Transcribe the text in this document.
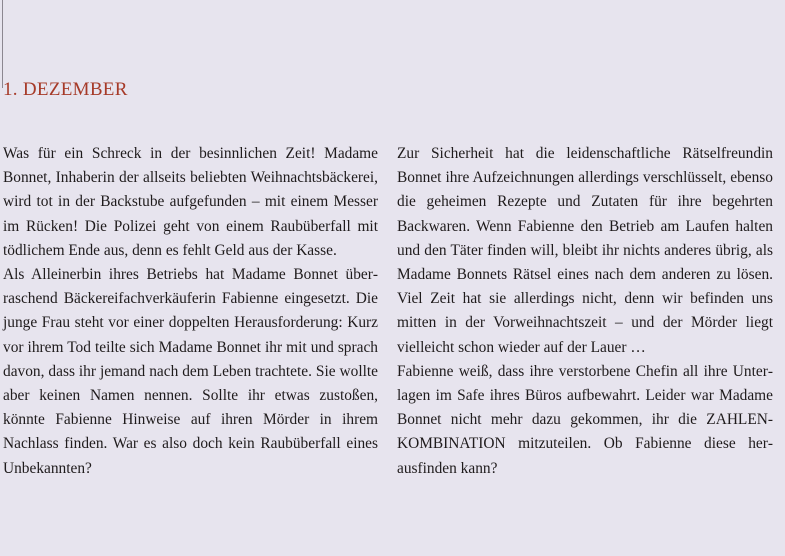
1. DEZEMBER

Was für ein Schreck in der besinnlichen Zeit! Madame Bonnet, Inhaberin der allseits beliebten Weihnachtsbäckerei, wird tot in der Backstube aufgefunden – mit einem Messer im Rücken! Die Polizei geht von einem Raubüberfall mit tödlichem Ende aus, denn es fehlt Geld aus der Kasse.

Als Alleinerbin ihres Betriebs hat Madame Bonnet überraschend Bäckereifachverkäuferin Fabienne eingesetzt. Die junge Frau steht vor einer doppelten Herausforderung: Kurz vor ihrem Tod teilte sich Madame Bonnet ihr mit und sprach davon, dass ihr jemand nach dem Leben trachtete. Sie wollte aber keinen Namen nennen. Sollte ihr etwas zustoßen, könnte Fabienne Hinweise auf ihren Mörder in ihrem Nachlass finden. War es also doch kein Raubüberfall eines Unbekannten?

Zur Sicherheit hat die leidenschaftliche Rätselfreundin Bonnet ihre Aufzeichnungen allerdings verschlüsselt, ebenso die geheimen Rezepte und Zutaten für ihre begehrten Backwaren. Wenn Fabienne den Betrieb am Laufen halten und den Täter finden will, bleibt ihr nichts anderes übrig, als Madame Bonnets Rätsel eines nach dem anderen zu lösen. Viel Zeit hat sie allerdings nicht, denn wir befinden uns mitten in der Vorweihnachtszeit – und der Mörder liegt vielleicht schon wieder auf der Lauer …

Fabienne weiß, dass ihre verstorbene Chefin all ihre Unterlagen im Safe ihres Büros aufbewahrt. Leider war Madame Bonnet nicht mehr dazu gekommen, ihr die ZAHLENKOMBINATION mitzuteilen. Ob Fabienne diese herausfinden kann?
